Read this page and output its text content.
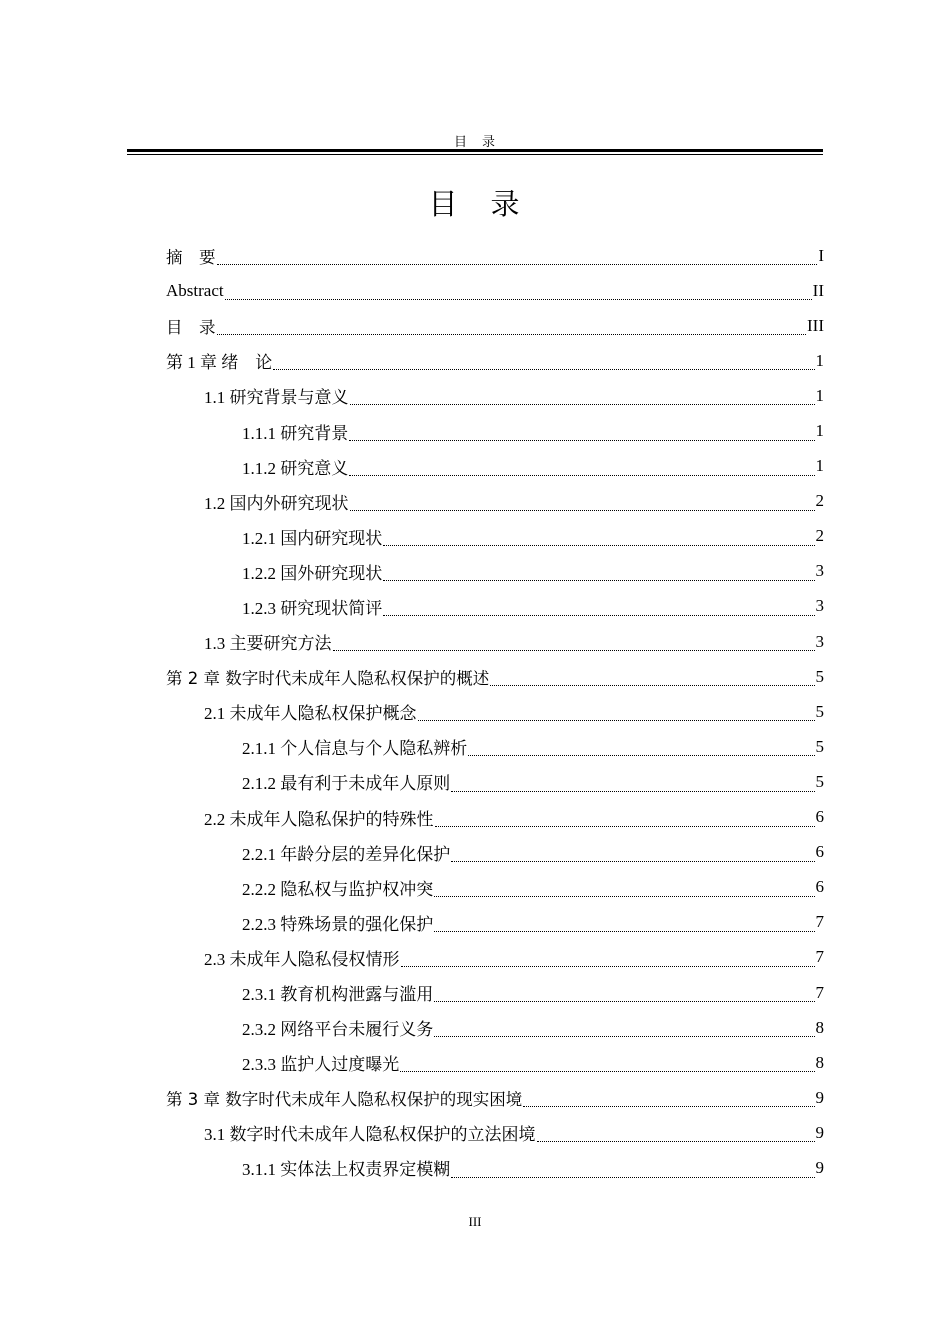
目　录
目　录
摘　要	I
Abstract	II
目　录	III
第 1 章 绪　论	1
1.1 研究背景与意义	1
1.1.1 研究背景	1
1.1.2 研究意义	1
1.2 国内外研究现状	2
1.2.1 国内研究现状	2
1.2.2 国外研究现状	3
1.2.3 研究现状简评	3
1.3 主要研究方法	3
第 2 章 数字时代未成年人隐私权保护的概述	5
2.1 未成年人隐私权保护概念	5
2.1.1 个人信息与个人隐私辨析	5
2.1.2 最有利于未成年人原则	5
2.2 未成年人隐私保护的特殊性	6
2.2.1 年龄分层的差异化保护	6
2.2.2 隐私权与监护权冲突	6
2.2.3 特殊场景的强化保护	7
2.3 未成年人隐私侵权情形	7
2.3.1 教育机构泄露与滥用	7
2.3.2 网络平台未履行义务	8
2.3.3 监护人过度曝光	8
第 3 章 数字时代未成年人隐私权保护的现实困境	9
3.1 数字时代未成年人隐私权保护的立法困境	9
3.1.1 实体法上权责界定模糊	9
III
